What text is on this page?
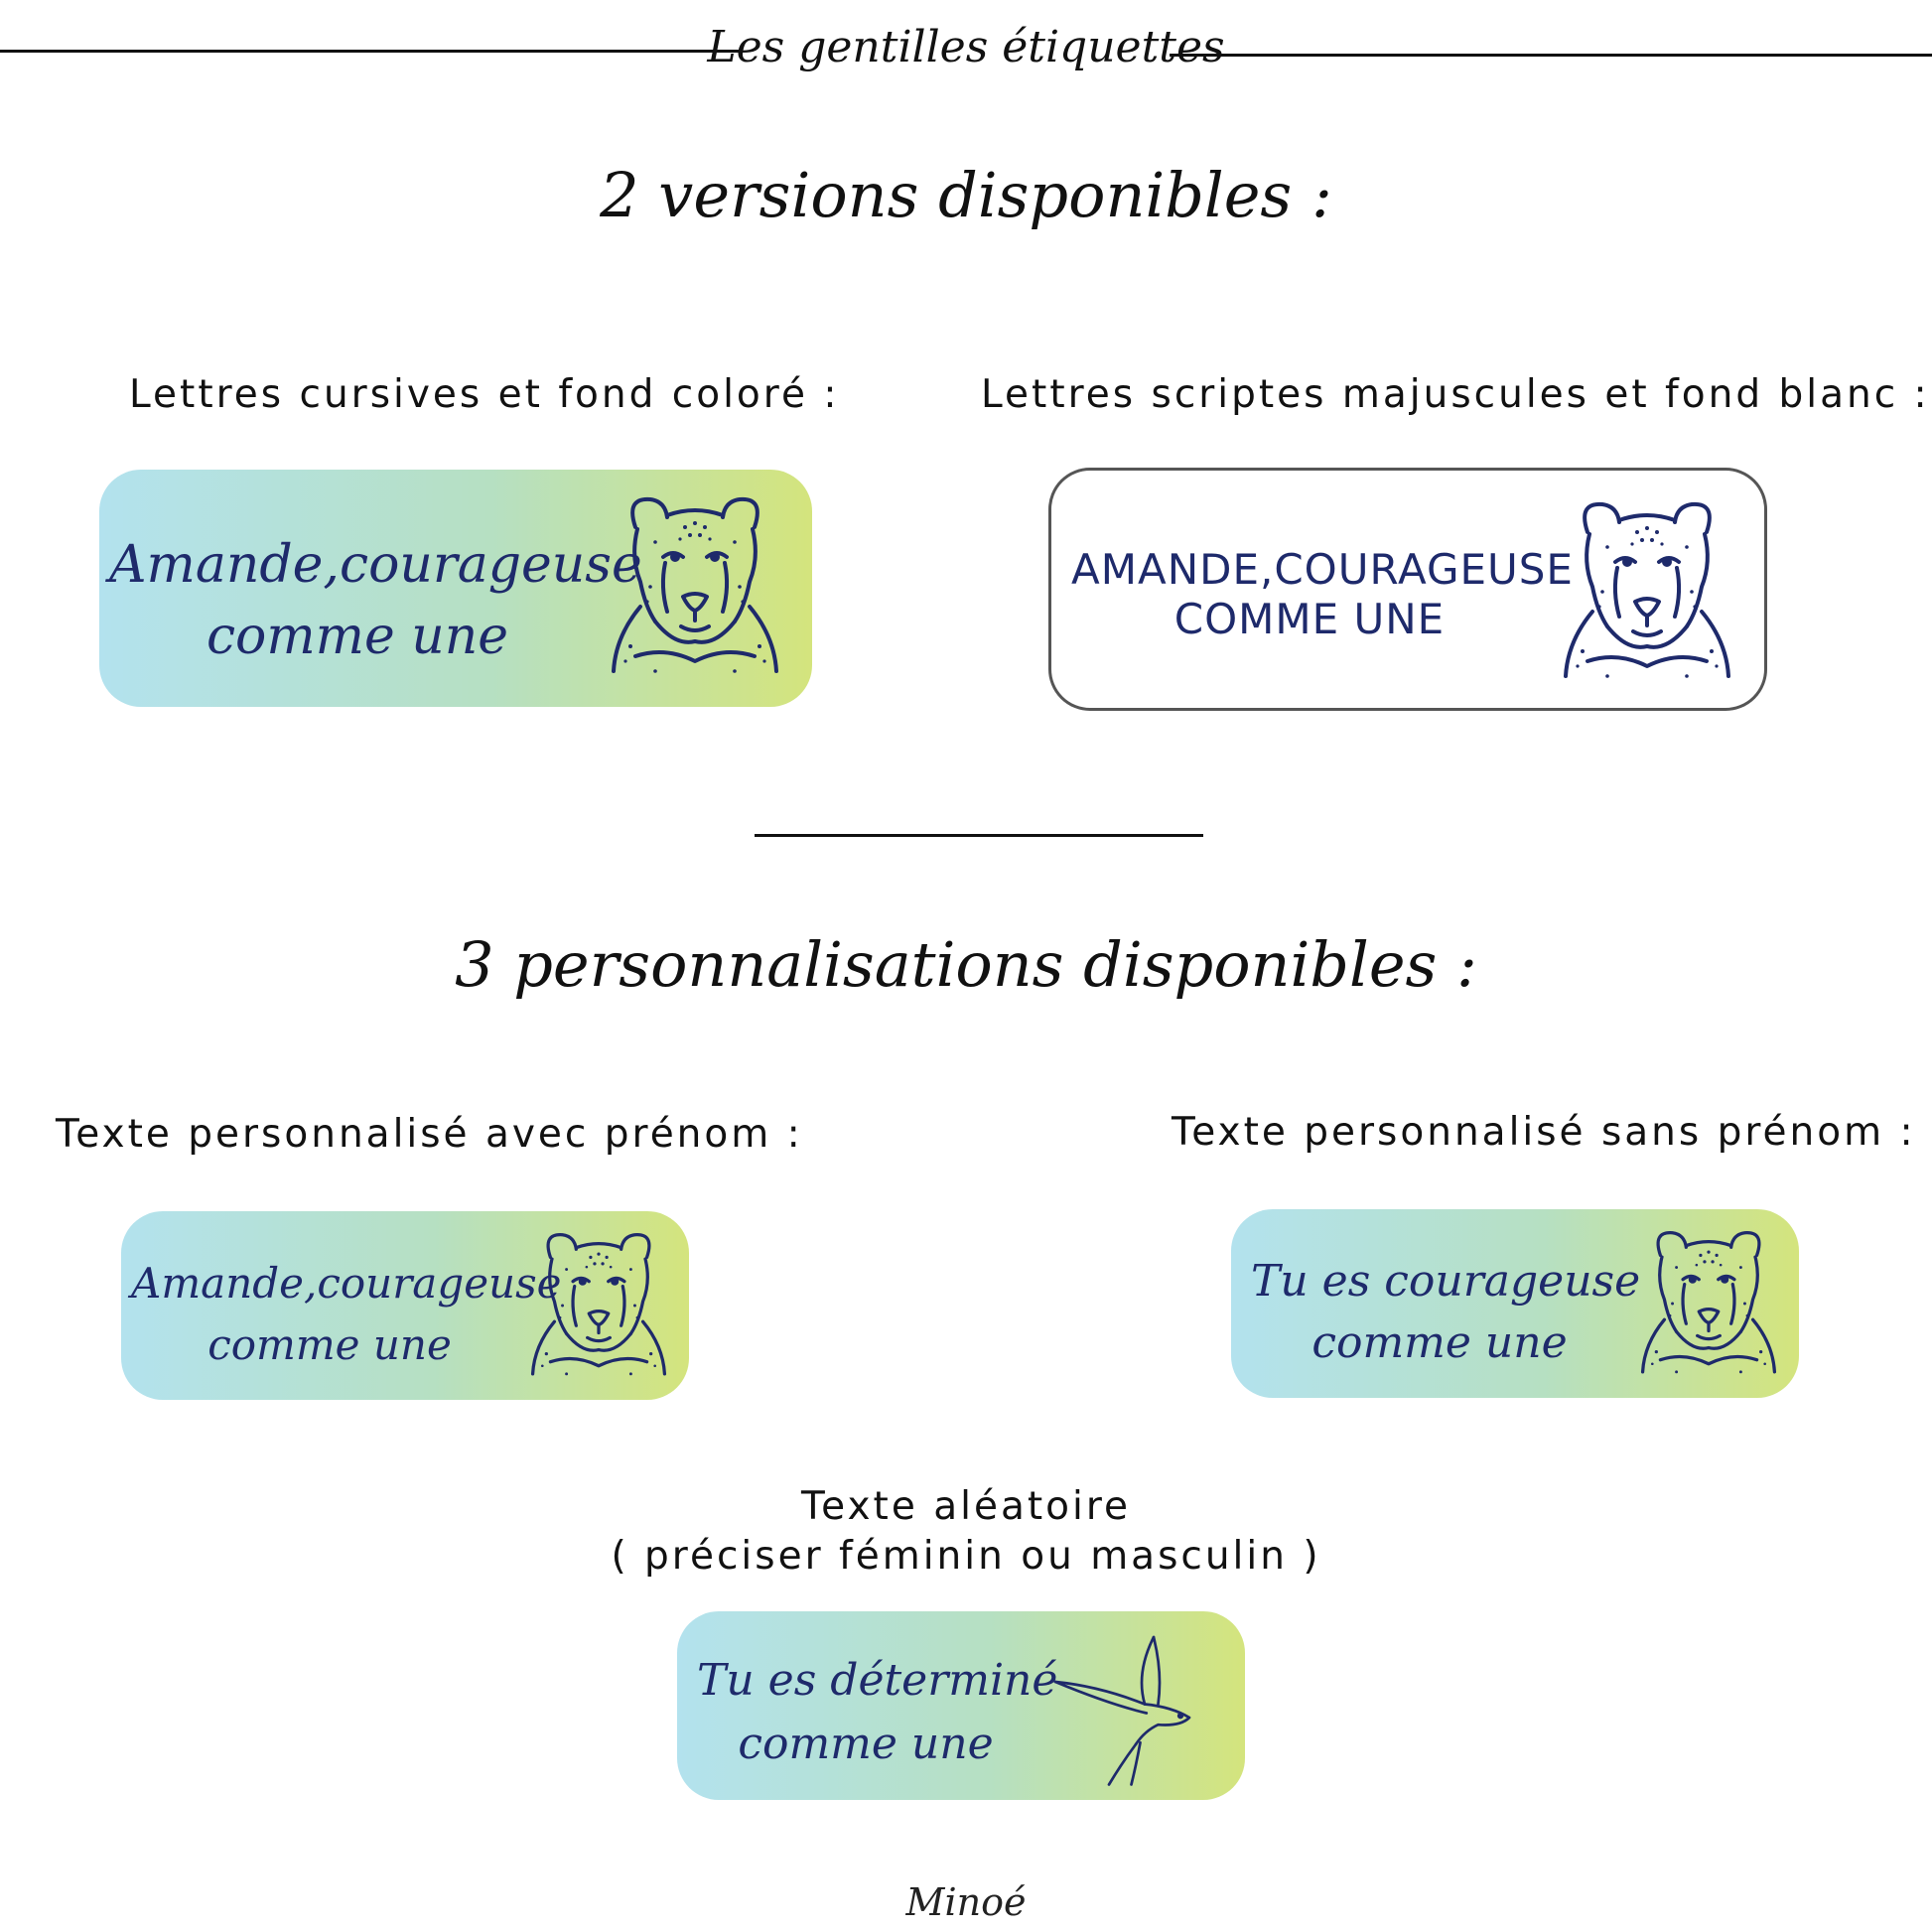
Les gentilles étiquettes
2 versions disponibles :
Lettres cursives et fond coloré :	Lettres scriptes majuscules et fond blanc :
Amande,courageuse
comme une
AMANDE,COURAGEUSE
COMME UNE
3 personnalisations disponibles :
Texte personnalisé avec prénom :	Texte personnalisé sans prénom :
Amande,courageuse
comme une
Tu es courageuse
comme une
Texte aléatoire
( préciser féminin ou masculin )
Tu es déterminé
comme une
Minoé
